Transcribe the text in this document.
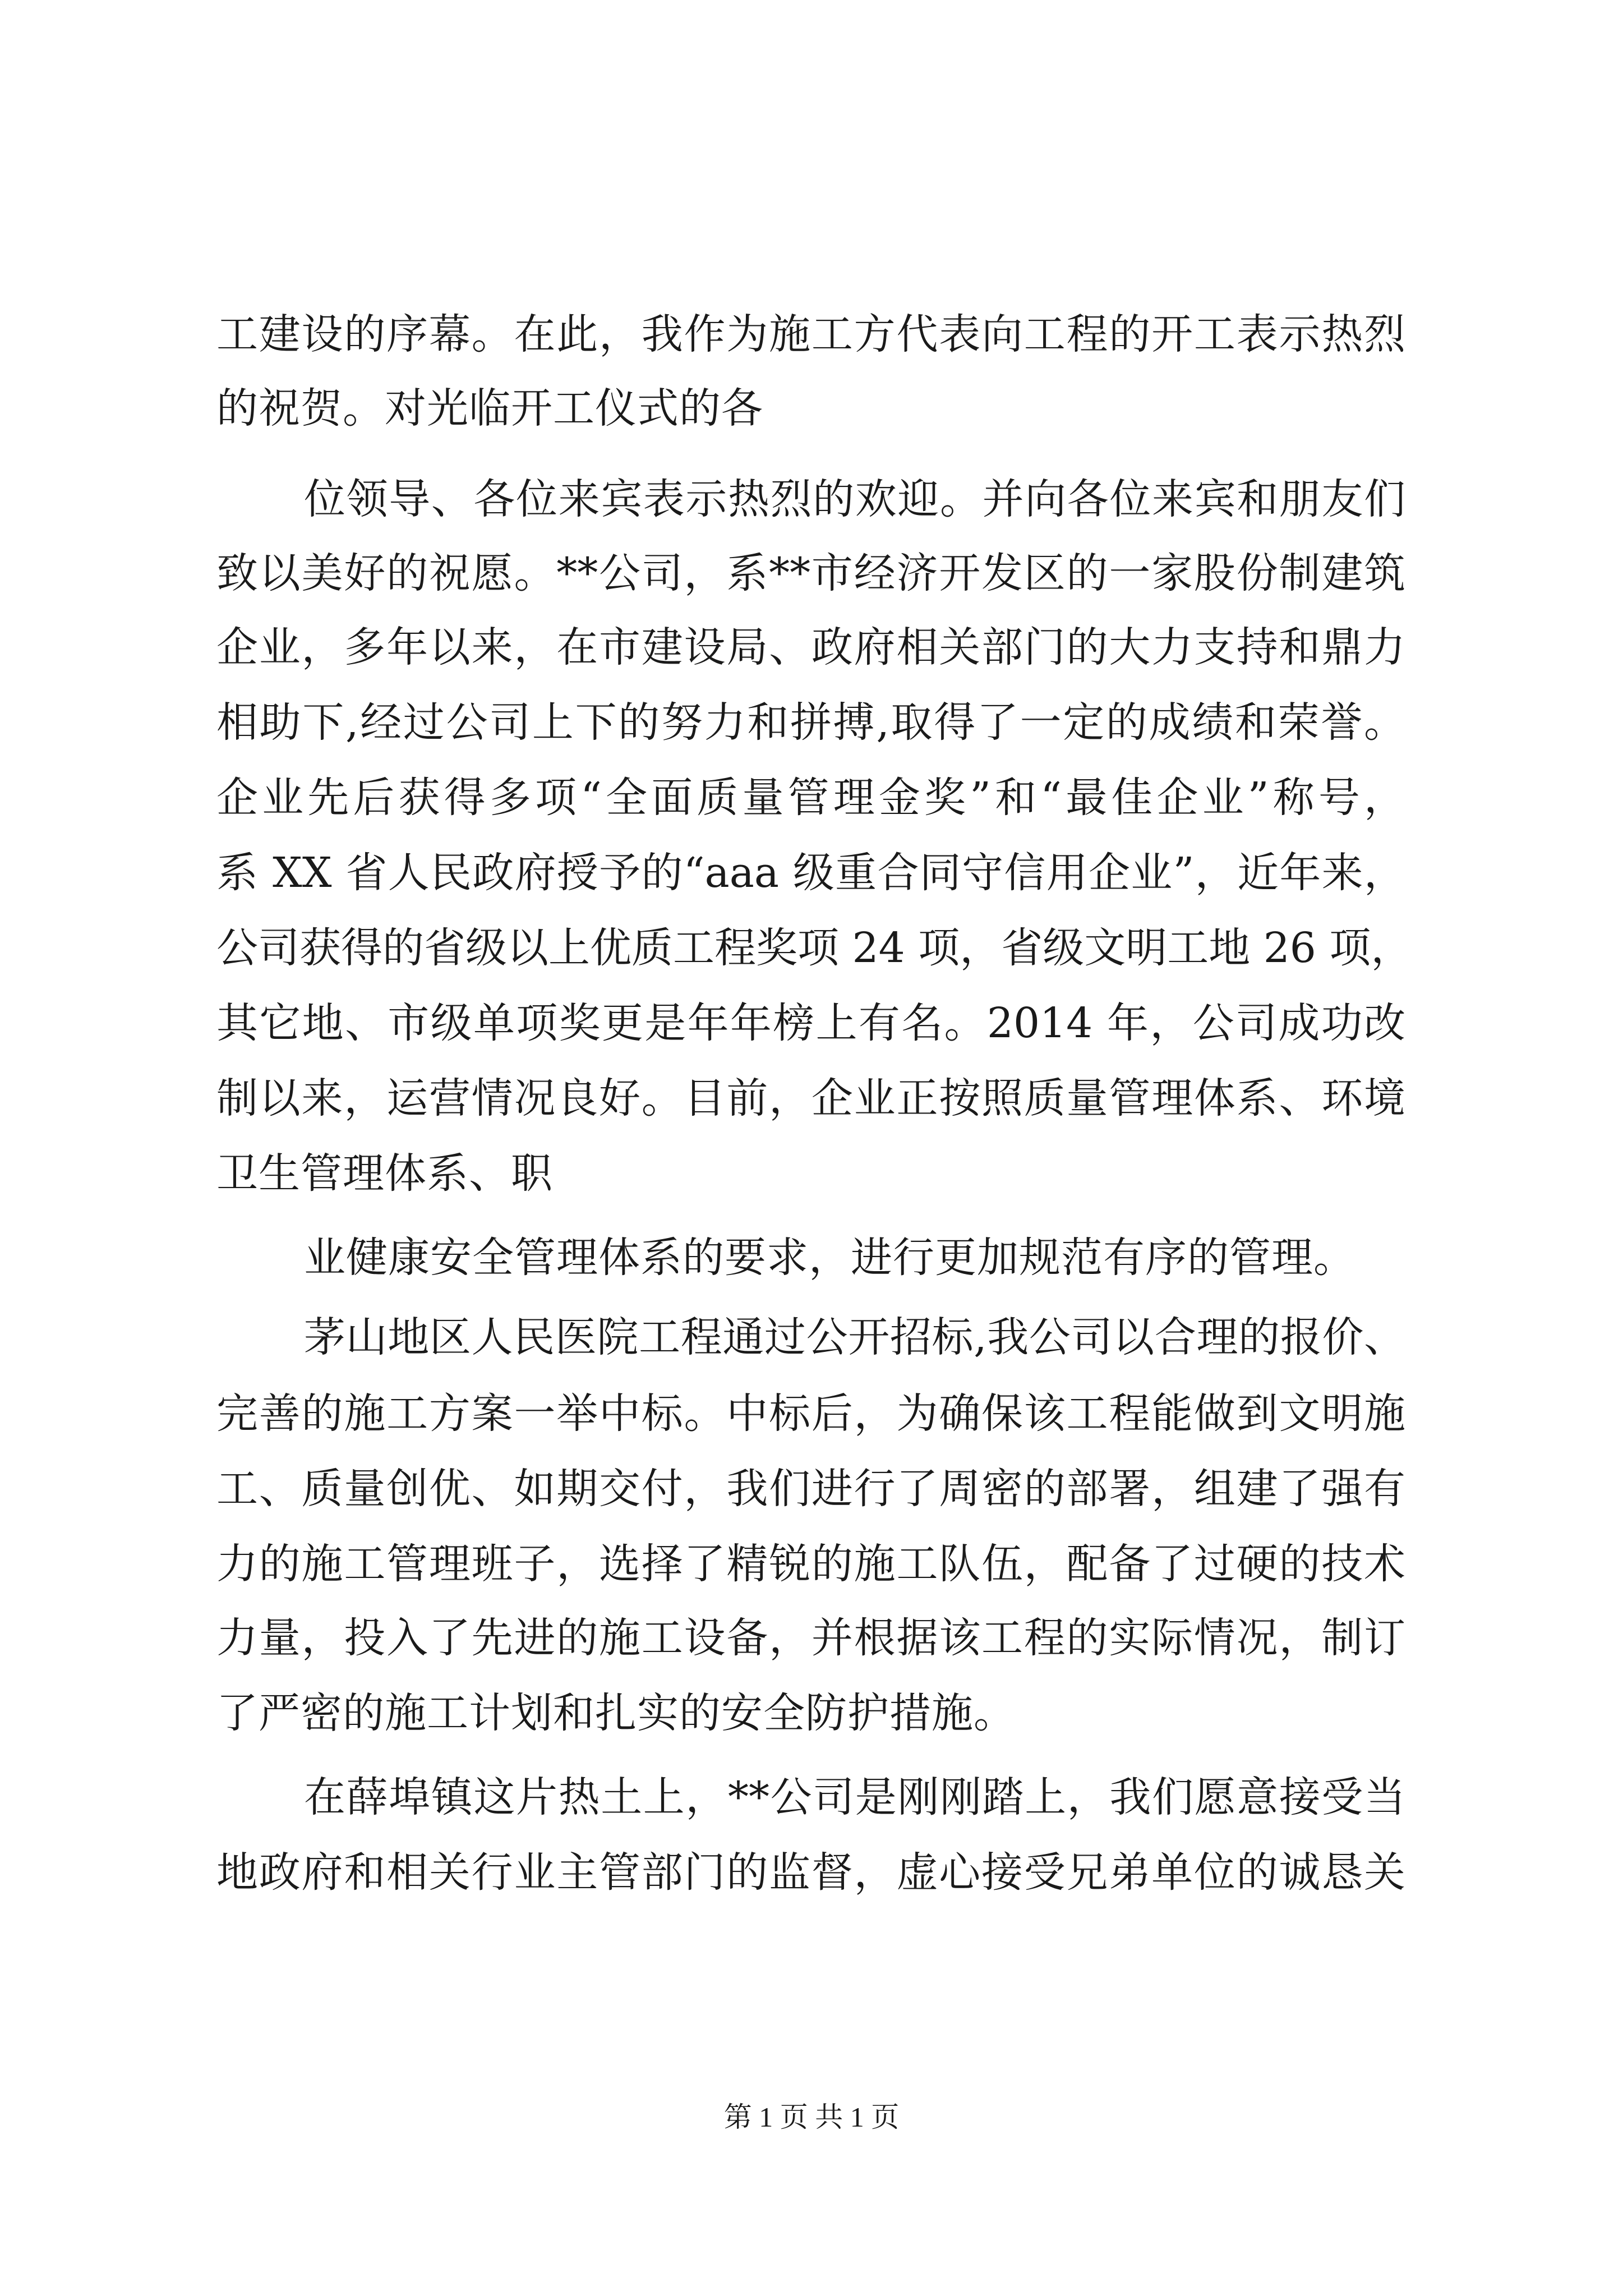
工建设的序幕。在此，我作为施工方代表向工程的开工表示热烈
的祝贺。对光临开工仪式的各
位领导、各位来宾表示热烈的欢迎。并向各位来宾和朋友们
致以美好的祝愿。**公司，系**市经济开发区的一家股份制建筑
企业，多年以来，在市建设局、政府相关部门的大力支持和鼎力
相助下,经过公司上下的努力和拼搏,取得了一定的成绩和荣誉。
企业先后获得多项“全面质量管理金奖”和“最佳企业”称号，
系 XX 省人民政府授予的“aaa 级重合同守信用企业”，近年来，
公司获得的省级以上优质工程奖项 24 项，省级文明工地 26 项，
其它地、市级单项奖更是年年榜上有名。2014 年，公司成功改
制以来，运营情况良好。目前，企业正按照质量管理体系、环境
卫生管理体系、职
业健康安全管理体系的要求，进行更加规范有序的管理。
茅山地区人民医院工程通过公开招标,我公司以合理的报价、
完善的施工方案一举中标。中标后，为确保该工程能做到文明施
工、质量创优、如期交付，我们进行了周密的部署，组建了强有
力的施工管理班子，选择了精锐的施工队伍，配备了过硬的技术
力量，投入了先进的施工设备，并根据该工程的实际情况，制订
了严密的施工计划和扎实的安全防护措施。
在薛埠镇这片热土上，**公司是刚刚踏上，我们愿意接受当
地政府和相关行业主管部门的监督，虚心接受兄弟单位的诚恳关
第 1 页 共 1 页
